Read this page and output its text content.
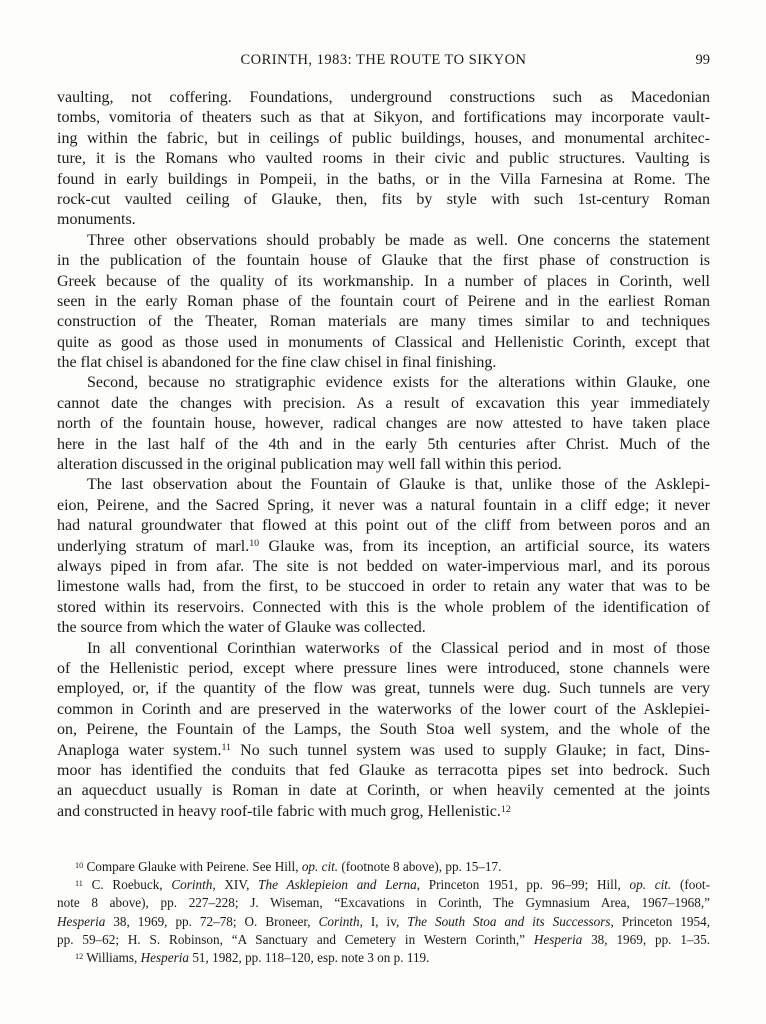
CORINTH, 1983: THE ROUTE TO SIKYON	99
vaulting, not coffering. Foundations, underground constructions such as Macedonian
tombs, vomitoria of theaters such as that at Sikyon, and fortifications may incorporate vault-
ing within the fabric, but in ceilings of public buildings, houses, and monumental architec-
ture, it is the Romans who vaulted rooms in their civic and public structures. Vaulting is
found in early buildings in Pompeii, in the baths, or in the Villa Farnesina at Rome. The
rock-cut vaulted ceiling of Glauke, then, fits by style with such 1st-century Roman
monuments.
Three other observations should probably be made as well. One concerns the statement
in the publication of the fountain house of Glauke that the first phase of construction is
Greek because of the quality of its workmanship. In a number of places in Corinth, well
seen in the early Roman phase of the fountain court of Peirene and in the earliest Roman
construction of the Theater, Roman materials are many times similar to and techniques
quite as good as those used in monuments of Classical and Hellenistic Corinth, except that
the flat chisel is abandoned for the fine claw chisel in final finishing.
Second, because no stratigraphic evidence exists for the alterations within Glauke, one
cannot date the changes with precision. As a result of excavation this year immediately
north of the fountain house, however, radical changes are now attested to have taken place
here in the last half of the 4th and in the early 5th centuries after Christ. Much of the
alteration discussed in the original publication may well fall within this period.
The last observation about the Fountain of Glauke is that, unlike those of the Asklepi-
eion, Peirene, and the Sacred Spring, it never was a natural fountain in a cliff edge; it never
had natural groundwater that flowed at this point out of the cliff from between poros and an
underlying stratum of marl.$^{10}$ Glauke was, from its inception, an artificial source, its waters
always piped in from afar. The site is not bedded on water-impervious marl, and its porous
limestone walls had, from the first, to be stuccoed in order to retain any water that was to be
stored within its reservoirs. Connected with this is the whole problem of the identification of
the source from which the water of Glauke was collected.
In all conventional Corinthian waterworks of the Classical period and in most of those
of the Hellenistic period, except where pressure lines were introduced, stone channels were
employed, or, if the quantity of the flow was great, tunnels were dug. Such tunnels are very
common in Corinth and are preserved in the waterworks of the lower court of the Asklepiei-
on, Peirene, the Fountain of the Lamps, the South Stoa well system, and the whole of the
Anaploga water system.$^{11}$ No such tunnel system was used to supply Glauke; in fact, Dins-
moor has identified the conduits that fed Glauke as terracotta pipes set into bedrock. Such
an aquecduct usually is Roman in date at Corinth, or when heavily cemented at the joints
and constructed in heavy roof-tile fabric with much grog, Hellenistic.$^{12}$
$^{10}$ Compare Glauke with Peirene. See Hill, op. cit. (footnote 8 above), pp. 15–17.
$^{11}$ C. Roebuck, Corinth, XIV, The Asklepieion and Lerna, Princeton 1951, pp. 96–99; Hill, op. cit. (foot-
note 8 above), pp. 227–228; J. Wiseman, “Excavations in Corinth, The Gymnasium Area, 1967–1968,”
Hesperia 38, 1969, pp. 72–78; O. Broneer, Corinth, I, iv, The South Stoa and its Successors, Princeton 1954,
pp. 59–62; H. S. Robinson, “A Sanctuary and Cemetery in Western Corinth,” Hesperia 38, 1969, pp. 1–35.
$^{12}$ Williams, Hesperia 51, 1982, pp. 118–120, esp. note 3 on p. 119.
